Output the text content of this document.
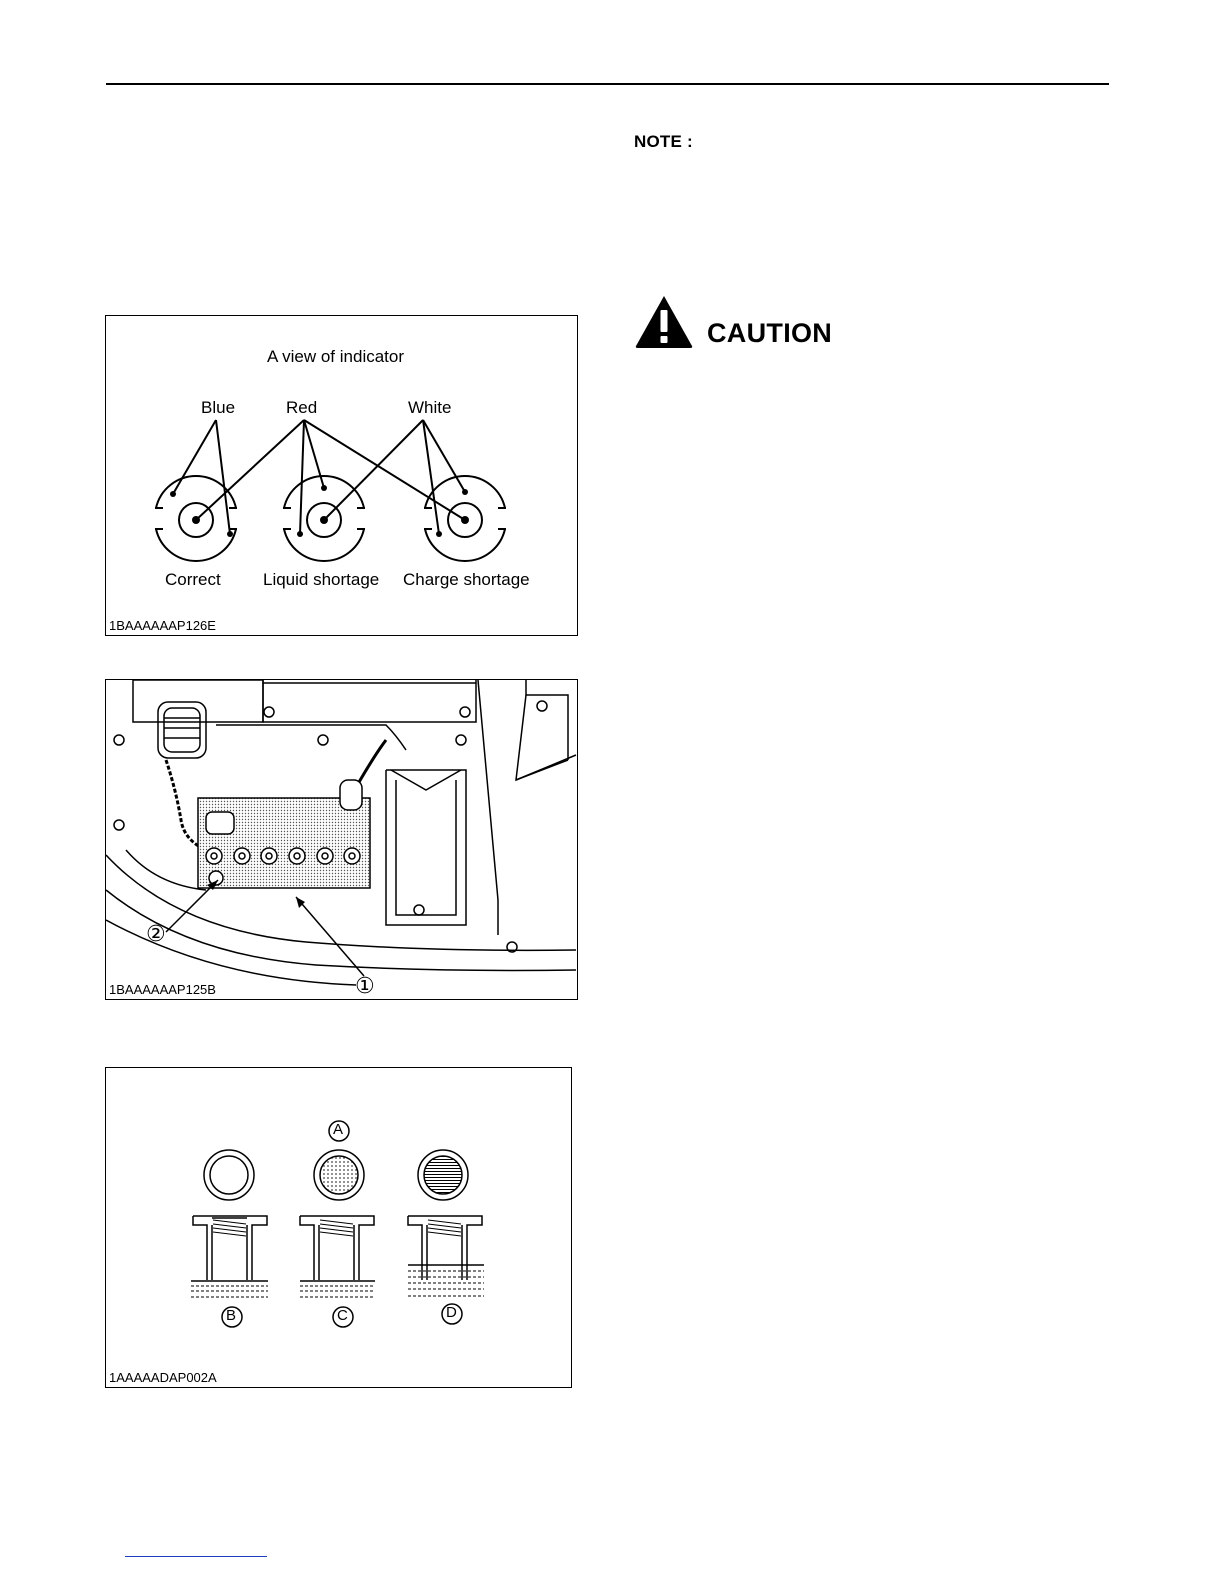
NOTE :
CAUTION
A view of indicator
Blue	Red	White
Correct Liquid shortage Charge shortage
1BAAAAAAP126E
②
①
1BAAAAAAP125B
A
B	C	D
1AAAAADAP002A
